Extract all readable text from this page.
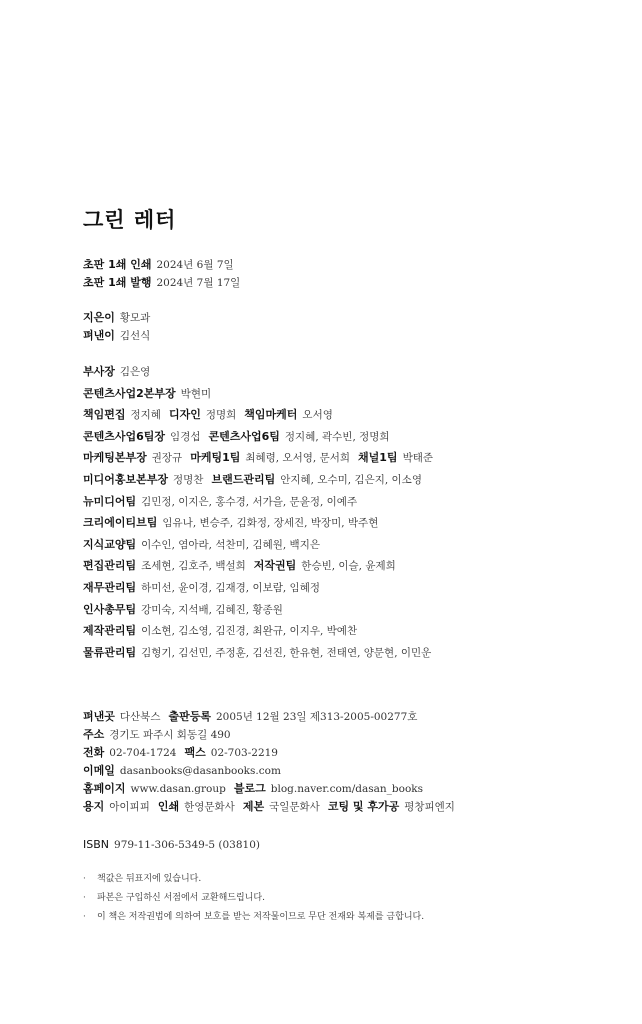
그린 레터
초판 1쇄 인쇄 2024년 6월 7일
초판 1쇄 발행 2024년 7월 17일
지은이 황모과
펴낸이 김선식
부사장 김은영
콘텐츠사업2본부장 박현미
책임편집 정지혜 디자인 정명희 책임마케터 오서영
콘텐츠사업6팀장 임경섭 콘텐츠사업6팀 정지혜, 곽수빈, 정명희
마케팅본부장 권장규 마케팅1팀 최혜령, 오서영, 문서희 채널1팀 박태준
미디어홍보본부장 정명찬 브랜드관리팀 안지혜, 오수미, 김은지, 이소영
뉴미디어팀 김민정, 이지은, 홍수경, 서가을, 문윤정, 이예주
크리에이티브팀 임유나, 변승주, 김화정, 장세진, 박장미, 박주현
지식교양팀 이수인, 염아라, 석찬미, 김혜원, 백지은
편집관리팀 조세현, 김호주, 백설희 저작권팀 한승빈, 이슬, 윤제희
재무관리팀 하미선, 윤이경, 김재경, 이보람, 임혜정
인사총무팀 강미숙, 지석배, 김혜진, 황종원
제작관리팀 이소현, 김소영, 김진경, 최완규, 이지우, 박예찬
물류관리팀 김형기, 김선민, 주정훈, 김선진, 한유현, 전태연, 양문현, 이민운
펴낸곳 다산북스 출판등록 2005년 12월 23일 제313-2005-00277호
주소 경기도 파주시 회동길 490
전화 02-704-1724 팩스 02-703-2219
이메일 dasanbooks@dasanbooks.com
홈페이지 www.dasan.group 블로그 blog.naver.com/dasan_books
용지 아이피피 인쇄 한영문화사 제본 국일문화사 코팅 및 후가공 평창피엔지
ISBN 979-11-306-5349-5 (03810)
· 책값은 뒤표지에 있습니다.
· 파본은 구입하신 서점에서 교환해드립니다.
· 이 책은 저작권법에 의하여 보호를 받는 저작물이므로 무단 전재와 복제를 금합니다.
